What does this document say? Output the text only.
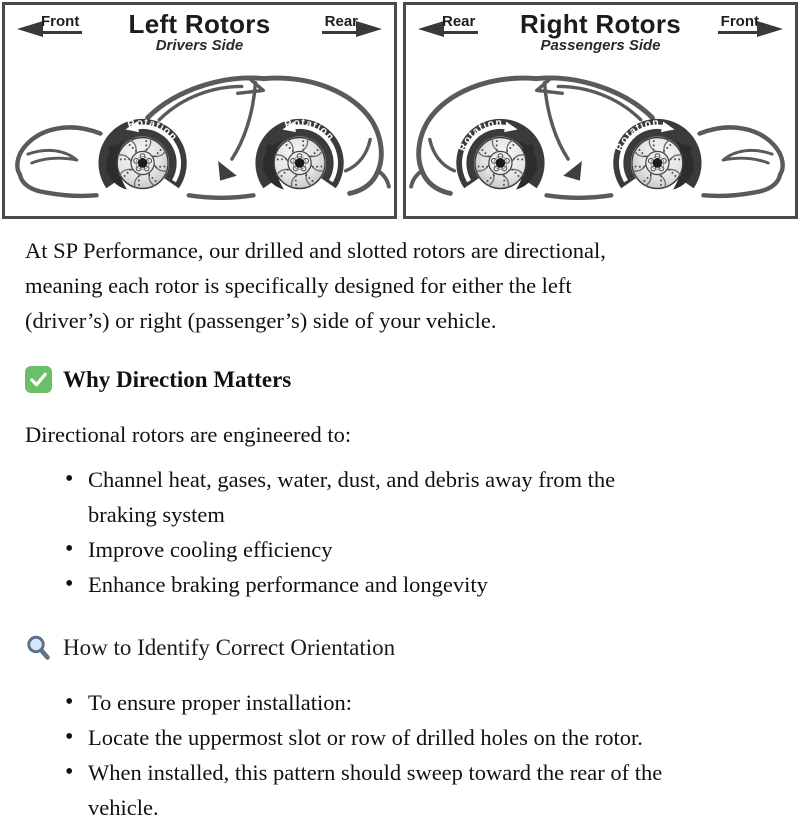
Front	Left Rotors
Drivers Side
Rear
Rotation
Rotation
Rear	Right Rotors
Passengers Side
Front
Rotation
Rotation

At SP Performance, our drilled and slotted rotors are directional,
meaning each rotor is specifically designed for either the left
(driver’s) or right (passenger’s) side of your vehicle.

Why Direction Matters

Directional rotors are engineered to:

• Channel heat, gases, water, dust, and debris away from the
braking system
• Improve cooling efficiency
• Enhance braking performance and longevity
How to Identify Correct Orientation
• To ensure proper installation:
• Locate the uppermost slot or row of drilled holes on the rotor.
• When installed, this pattern should sweep toward the rear of the
vehicle.
